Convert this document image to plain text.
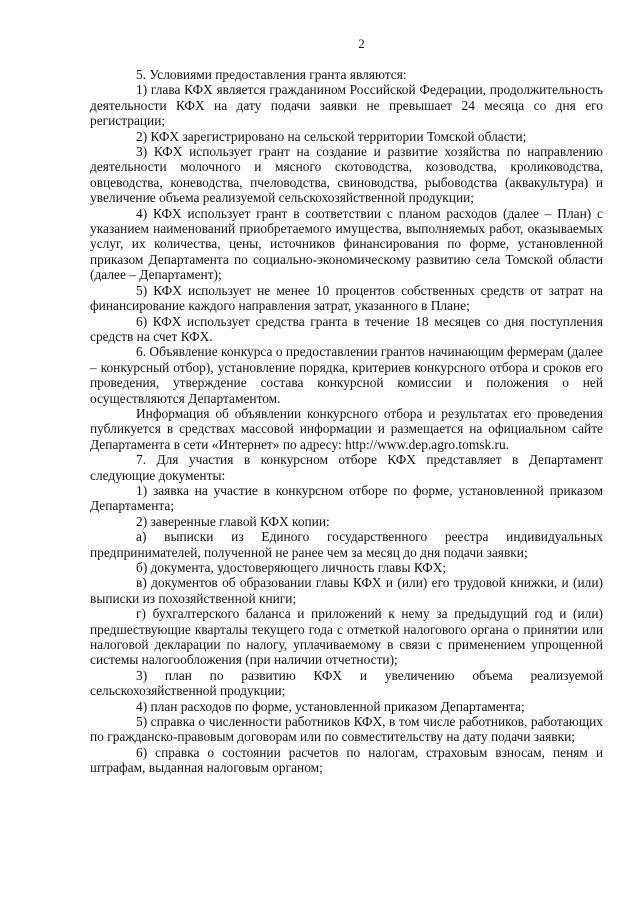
2

5. Условиями предоставления гранта являются:

1) глава КФХ является гражданином Российской Федерации, продолжительность деятельности КФХ на дату подачи заявки не превышает 24 месяца со дня его регистрации;

2) КФХ зарегистрировано на сельской территории Томской области;

3) КФХ использует грант на создание и развитие хозяйства по направлению деятельности молочного и мясного скотоводства, козоводства, кролиководства, овцеводства, коневодства, пчеловодства, свиноводства, рыбоводства (аквакультура) и увеличение объема реализуемой сельскохозяйственной продукции;

4) КФХ использует грант в соответствии с планом расходов (далее – План) с указанием наименований приобретаемого имущества, выполняемых работ, оказываемых услуг, их количества, цены, источников финансирования по форме, установленной приказом Департамента по социально-экономическому развитию села Томской области (далее – Департамент);

5) КФХ использует не менее 10 процентов собственных средств от затрат на финансирование каждого направления затрат, указанного в Плане;

6) КФХ использует средства гранта в течение 18 месяцев со дня поступления средств на счет КФХ.

6. Объявление конкурса о предоставлении грантов начинающим фермерам (далее – конкурсный отбор), установление порядка, критериев конкурсного отбора и сроков его проведения, утверждение состава конкурсной комиссии и положения о ней осуществляются Департаментом.

Информация об объявлении конкурсного отбора и результатах его проведения публикуется в средствах массовой информации и размещается на официальном сайте Департамента в сети «Интернет» по адресу: http://www.dep.agro.tomsk.ru.

7. Для участия в конкурсном отборе КФХ представляет в Департамент следующие документы:

1) заявка на участие в конкурсном отборе по форме, установленной приказом Департамента;

2) заверенные главой КФХ копии:

а) выписки из Единого государственного реестра индивидуальных предпринимателей, полученной не ранее чем за месяц до дня подачи заявки;

б) документа, удостоверяющего личность главы КФХ;

в) документов об образовании главы КФХ и (или) его трудовой книжки, и (или) выписки из похозяйственной книги;

г) бухгалтерского баланса и приложений к нему за предыдущий год и (или) предшествующие кварталы текущего года с отметкой налогового органа о принятии или налоговой декларации по налогу, уплачиваемому в связи с применением упрощенной системы налогообложения (при наличии отчетности);

3) план по развитию КФХ и увеличению объема реализуемой сельскохозяйственной продукции;

4) план расходов по форме, установленной приказом Департамента;

5) справка о численности работников КФХ, в том числе работников, работающих по гражданско-правовым договорам или по совместительству на дату подачи заявки;

6) справка о состоянии расчетов по налогам, страховым взносам, пеням и штрафам, выданная налоговым органом;
